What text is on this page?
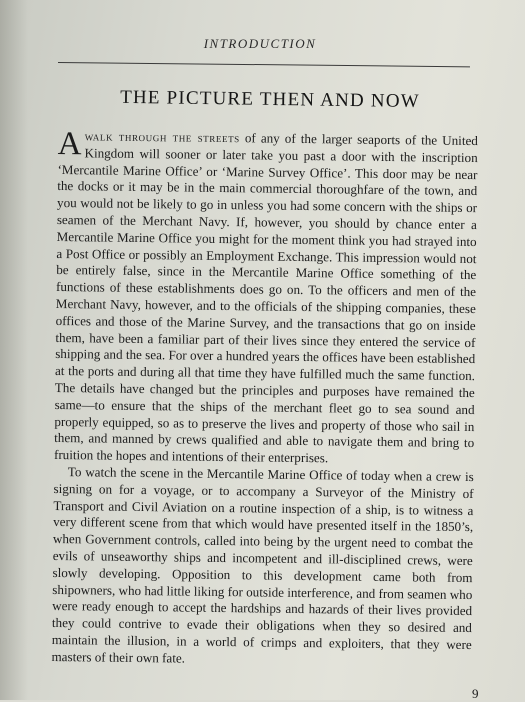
INTRODUCTION
THE PICTURE THEN AND NOW

Awalk through the streets of any of the larger seaports of the United Kingdom will sooner or later take you past a door with the inscription ‘Mercantile Marine Office’ or ‘Marine Survey Office’. This door may be near the docks or it may be in the main commercial thoroughfare of the town, and you would not be likely to go in unless you had some concern with the ships or seamen of the Merchant Navy. If, however, you should by chance enter a Mercantile Marine Office you might for the moment think you had strayed into a Post Office or possibly an Employment Exchange. This impression would not be entirely false, since in the Mercantile Marine Office something of the functions of these establishments does go on. To the officers and men of the Merchant Navy, however, and to the officials of the shipping companies, these offices and those of the Marine Survey, and the transactions that go on inside them, have been a familiar part of their lives since they entered the service of shipping and the sea. For over a hundred years the offices have been established at the ports and during all that time they have fulfilled much the same function. The details have changed but the principles and purposes have remained the same—to ensure that the ships of the merchant fleet go to sea sound and properly equipped, so as to preserve the lives and property of those who sail in them, and manned by crews qualified and able to navigate them and bring to fruition the hopes and intentions of their enterprises.

To watch the scene in the Mercantile Marine Office of today when a crew is signing on for a voyage, or to accompany a Surveyor of the Ministry of Transport and Civil Aviation on a routine inspection of a ship, is to witness a very different scene from that which would have presented itself in the 1850’s, when Government controls, called into being by the urgent need to combat the evils of unseaworthy ships and incompetent and ill-disciplined crews, were slowly developing. Opposition to this development came both from shipowners, who had little liking for outside interference, and from seamen who were ready enough to accept the hardships and hazards of their lives provided they could contrive to evade their obligations when they so desired and maintain the illusion, in a world of crimps and exploiters, that they were masters of their own fate.

9
